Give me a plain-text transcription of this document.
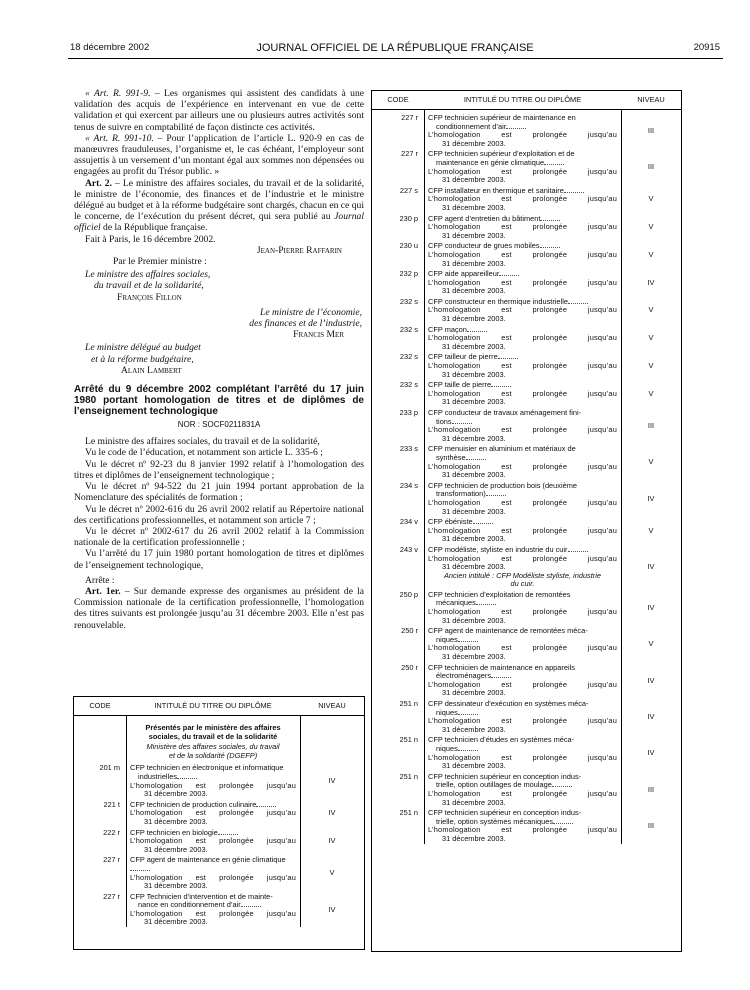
18 décembre 2002	JOURNAL OFFICIEL DE LA RÉPUBLIQUE FRANÇAISE	20915

« Art. R. 991-9. – Les organismes qui assistent des candidats à une validation des acquis de l’expérience en intervenant en vue de cette validation et qui exercent par ailleurs une ou plusieurs autres activités sont tenus de suivre en comptabilité de façon distincte ces activités.

« Art. R. 991-10. – Pour l’application de l’article L. 920-9 en cas de manœuvres frauduleuses, l’organisme et, le cas échéant, l’employeur sont assujettis à un versement d’un montant égal aux sommes non dépensées ou engagées au profit du Trésor public. »

Art. 2. – Le ministre des affaires sociales, du travail et de la solidarité, le ministre de l’économie, des finances et de l’industrie et le ministre délégué au budget et à la réforme budgétaire sont chargés, chacun en ce qui le concerne, de l’exécution du présent décret, qui sera publié au Journal officiel de la République française.

Fait à Paris, le 16 décembre 2002.

Jean-Pierre Raffarin

Par le Premier ministre :

Le ministre des affaires sociales,

du travail et de la solidarité,

François Fillon

Le ministre de l’économie,

des finances et de l’industrie,

Francis Mer

Le ministre délégué au budget

et à la réforme budgétaire,

Alain Lambert

Arrêté du 9 décembre 2002 complétant l’arrêté du 17 juin 1980 portant homologation de titres et de diplômes de l’enseignement technologique
NOR : SOCF0211831A

Le ministre des affaires sociales, du travail et de la solidarité,

Vu le code de l’éducation, et notamment son article L. 335-6 ;

Vu le décret nº 92-23 du 8 janvier 1992 relatif à l’homologation des titres et diplômes de l’enseignement technologique ;

Vu le décret nº 94-522 du 21 juin 1994 portant approbation de la Nomenclature des spécialités de formation ;

Vu le décret nº 2002-616 du 26 avril 2002 relatif au Répertoire national des certifications professionnelles, et notamment son article 7 ;

Vu le décret nº 2002-617 du 26 avril 2002 relatif à la Commission nationale de la certification professionnelle ;

Vu l’arrêté du 17 juin 1980 portant homologation de titres et diplômes de l’enseignement technologique,

Arrête :

Art. 1er. – Sur demande expresse des organismes au président de la Commission nationale de la certification professionnelle, l’homologation des titres suivants est prolongée jusqu’au 31 décembre 2003. Elle n’est pas renouvelable.

CODE	INTITULÉ DU TITRE OU DIPLÔME	NIVEAU
Présentés par le ministère des affaires
sociales, du travail et de la solidarité
Ministère des affaires sociales, du travail
et de la solidarité (DGEFP)
201 m	CFP technicien en électronique et informatique
industrielles
L’homologation est prolongée jusqu’au
31 décembre 2003.
IV
221 t	CFP technicien de production culinaire
L’homologation est prolongée jusqu’au
31 décembre 2003.
IV
222 r	CFP technicien en biologie
L’homologation est prolongée jusqu’au
31 décembre 2003.
IV
227 r	CFP agent de maintenance en génie climatique
L’homologation est prolongée jusqu’au
31 décembre 2003.
V
227 r	CFP Technicien d’intervention et de mainte-
nance en conditionnement d’air
L’homologation est prolongée jusqu’au
31 décembre 2003.
IV
CODE	INTITULÉ DU TITRE OU DIPLÔME	NIVEAU
227 r	CFP technicien supérieur de maintenance en
conditionnement d’air
L’homologation est prolongée jusqu’au
31 décembre 2003.
III
227 r	CFP technicien supérieur d’exploitation et de
maintenance en génie climatique
L’homologation est prolongée jusqu’au
31 décembre 2003.
III
227 s	CFP installateur en thermique et sanitaire
L’homologation est prolongée jusqu’au
31 décembre 2003.
V
230 p	CFP agent d’entretien du bâtiment
L’homologation est prolongée jusqu’au
31 décembre 2003.
V
230 u	CFP conducteur de grues mobiles
L’homologation est prolongée jusqu’au
31 décembre 2003.
V
232 p	CFP aide appareilleur
L’homologation est prolongée jusqu’au
31 décembre 2003.
IV
232 s	CFP constructeur en thermique industrielle
L’homologation est prolongée jusqu’au
31 décembre 2003.
V
232 s	CFP maçon
L’homologation est prolongée jusqu’au
31 décembre 2003.
V
232 s	CFP tailleur de pierre
L’homologation est prolongée jusqu’au
31 décembre 2003.
V
232 s	CFP taille de pierre
L’homologation est prolongée jusqu’au
31 décembre 2003.
V
233 p	CFP conducteur de travaux aménagement fini-
tions
L’homologation est prolongée jusqu’au
31 décembre 2003.
III
233 s	CFP menuisier en aluminium et matériaux de
synthèse
L’homologation est prolongée jusqu’au
31 décembre 2003.
V
234 s	CFP technicien de production bois (deuxième
transformation)
L’homologation est prolongée jusqu’au
31 décembre 2003.
IV
234 v	CFP ébéniste
L’homologation est prolongée jusqu’au
31 décembre 2003.
V
243 v	CFP modéliste, styliste en industrie du cuir
L’homologation est prolongée jusqu’au
31 décembre 2003.
Ancien intitulé : CFP Modéliste styliste, industrie
du cuir.
IV
250 p	CFP technicien d’exploitation de remontées
mécaniques
L’homologation est prolongée jusqu’au
31 décembre 2003.
IV
250 r	CFP agent de maintenance de remontées méca-
niques
L’homologation est prolongée jusqu’au
31 décembre 2003.
V
250 r	CFP technicien de maintenance en appareils
électroménagers
L’homologation est prolongée jusqu’au
31 décembre 2003.
IV
251 n	CFP dessinateur d’exécution en systèmes méca-
niques
L’homologation est prolongée jusqu’au
31 décembre 2003.
IV
251 n	CFP technicien d’études en systèmes méca-
niques
L’homologation est prolongée jusqu’au
31 décembre 2003.
IV
251 n	CFP technicien supérieur en conception indus-
trielle, option outillages de moulage
L’homologation est prolongée jusqu’au
31 décembre 2003.
III
251 n	CFP technicien supérieur en conception indus-
trielle, option systèmes mécaniques
L’homologation est prolongée jusqu’au
31 décembre 2003.
III
